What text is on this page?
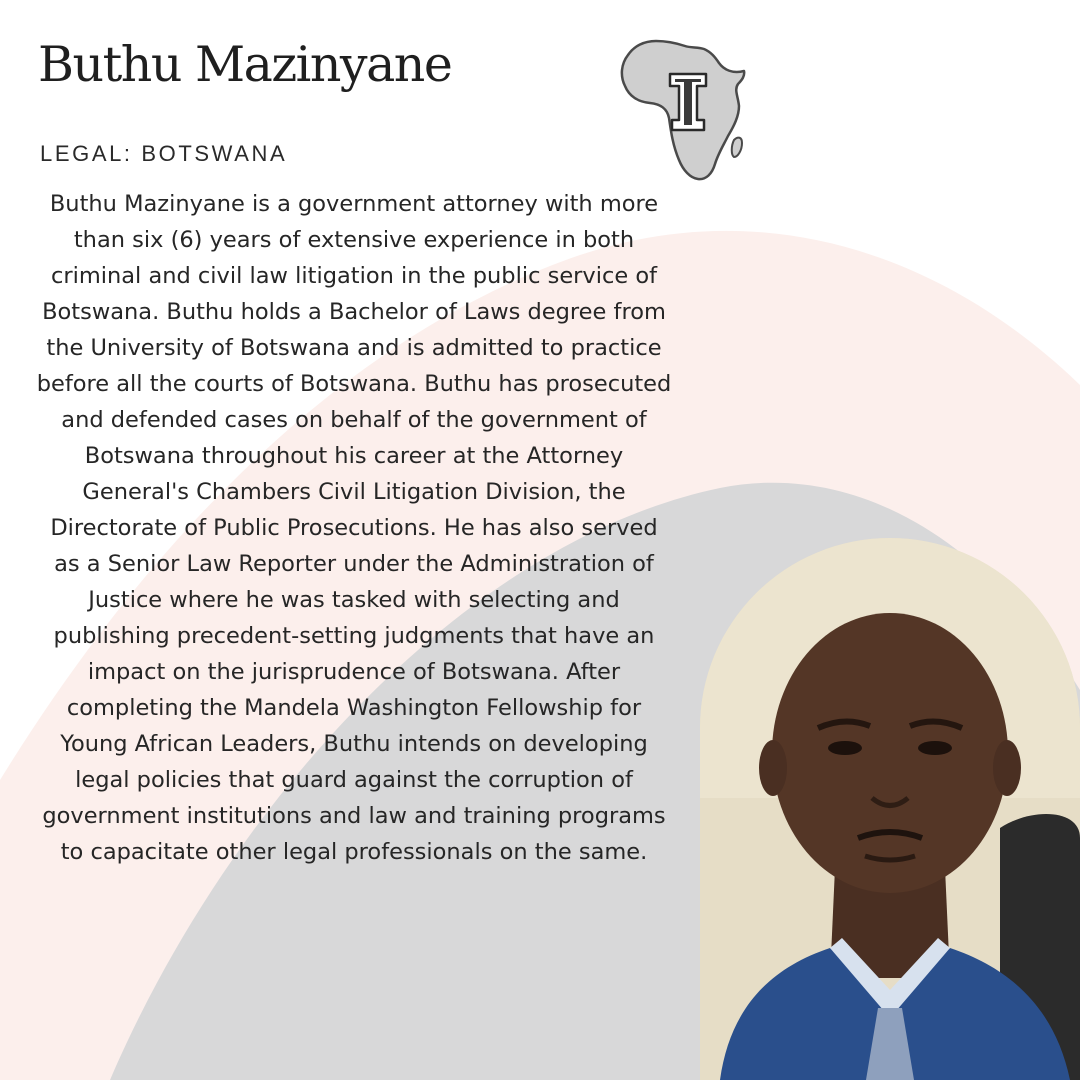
Buthu Mazinyane
LEGAL: BOTSWANA

Buthu Mazinyane is a government attorney with more than six (6) years of extensive experience in both criminal and civil law litigation in the public service of Botswana. Buthu holds a Bachelor of Laws degree from the University of Botswana and is admitted to practice before all the courts of Botswana. Buthu has prosecuted and defended cases on behalf of the government of Botswana throughout his career at the Attorney General's Chambers Civil Litigation Division, the Directorate of Public Prosecutions. He has also served as a Senior Law Reporter under the Administration of Justice where he was tasked with selecting and publishing precedent-setting judgments that have an impact on the jurisprudence of Botswana. After completing the Mandela Washington Fellowship for Young African Leaders, Buthu intends on developing legal policies that guard against the corruption of government institutions and law and training programs to capacitate other legal professionals on the same.
